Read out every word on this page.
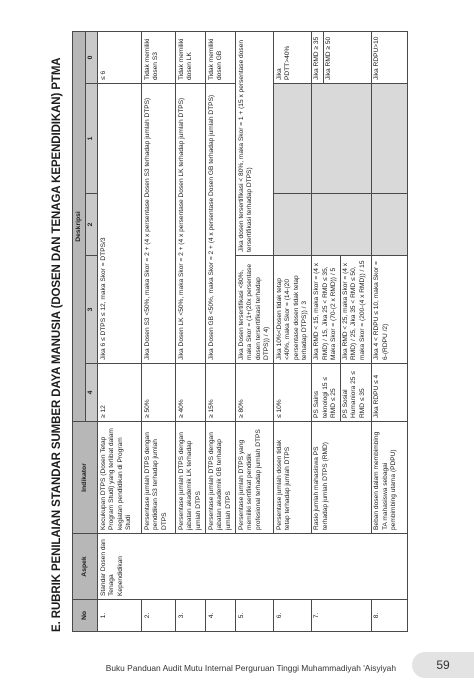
E. RUBRIK PENILAIAN STANDAR SUMBER DAYA MANUSIA (DOSEN DAN TENAGA KEPENDIDIKAN) PTMA	No	Aspek	Indikator	Deskripsi				
			4	3	2	1	0
1.	Standar Dosen dan Tenaga Kependidikan	Kecukupan DTPS (Dosen Tetap Program Studi) yang terlibat dalam kegiatan pendidikan di Program Studi	≥ 12	Jika 6 ≤ DTPS ≤ 12, maka Skor = DTPS/3			≤ 6
2.		Persentase jumlah DTPS dengan pendidikan S3 terhadap jumlah DTPS	≥ 50%	Jika Dosen S3 <50%, maka Skor = 2 + (4 x persentase Dosen S3 terhadap jumlah DTPS)			Tidak memiliki dosen S3
3.		Persentase jumlah DTPS dengan jabatan akademik LK terhadap jumlah DTPS	≥ 40%	Jika Dosen LK <50%, maka Skor = 2 + (4 x persentase Dosen LK terhadap jumlah DTPS)			Tidak memiliki dosen LK
4.		Persentase jumlah DTPS dengan jabatan akademik GB terhadap jumlah DTPS	≥ 15%	Jika Dosen GB <50%, maka Skor = 2 + (4 x persentase Dosen GB terhadap jumlah DTPS)			Tidak memiliki dosen GB
5.		Persentase jumlah DTPS yang memiliki sertifikat pendidik profesional terhadap jumlah DTPS	≥ 80%	Jika Dosen tersertifikasi <80%, maka Skor = (1+(20x persentase dosen tersertifikasi terhadap DTPS)) / 4)	Jika dosen tersertifikasi < 80%, maka Skor = 1 + (15 x persentase dosen tersertifikasi terhadap DTPS)		
6.		Persentase jumlah dosen tidak tetap terhadap jumlah DTPS	≤ 10%	Jika 10%<Dosen tidak tetap <40%, maka Skor = (14-(20 persentase dosen tidak tetap terhadap DTPS)) / 3			Jika PDTT>40%
7.		Rasio jumlah mahasiswa PS terhadap jumlah DTPS (RMD)	PS Sains teknologi 15 ≤ RMD ≤ 25 PS Sosial Humaniora 25 ≤ RMD ≤ 35	Jika RMD < 15, maka Skor = (4 x RMD) / 15, Jika 25 < RMD ≤ 35, Maka Skor = (70-(2 x RMD)) / 5 Jika RMD < 25, maka Skor = (4 x RMD) / 25, Jika 35 < RMD ≤ 50, maka Skor = (200-(4 x RMD)) / 15			Jika RMD ≥ 35 Jika RMD ≥ 50

8.		Beban dosen dalam membimbing TA mahasiswa sebagai pembimbing utama (PDPU)	Jika RDPU ≤ 4	Jika 4 < RDPU ≤ 10, maka Skor = 6-(RDPU /2)			Jika RDPU>10
Buku Panduan Audit Mutu Internal Perguruan Tinggi Muhammadiyah 'Aisyiyah	59
